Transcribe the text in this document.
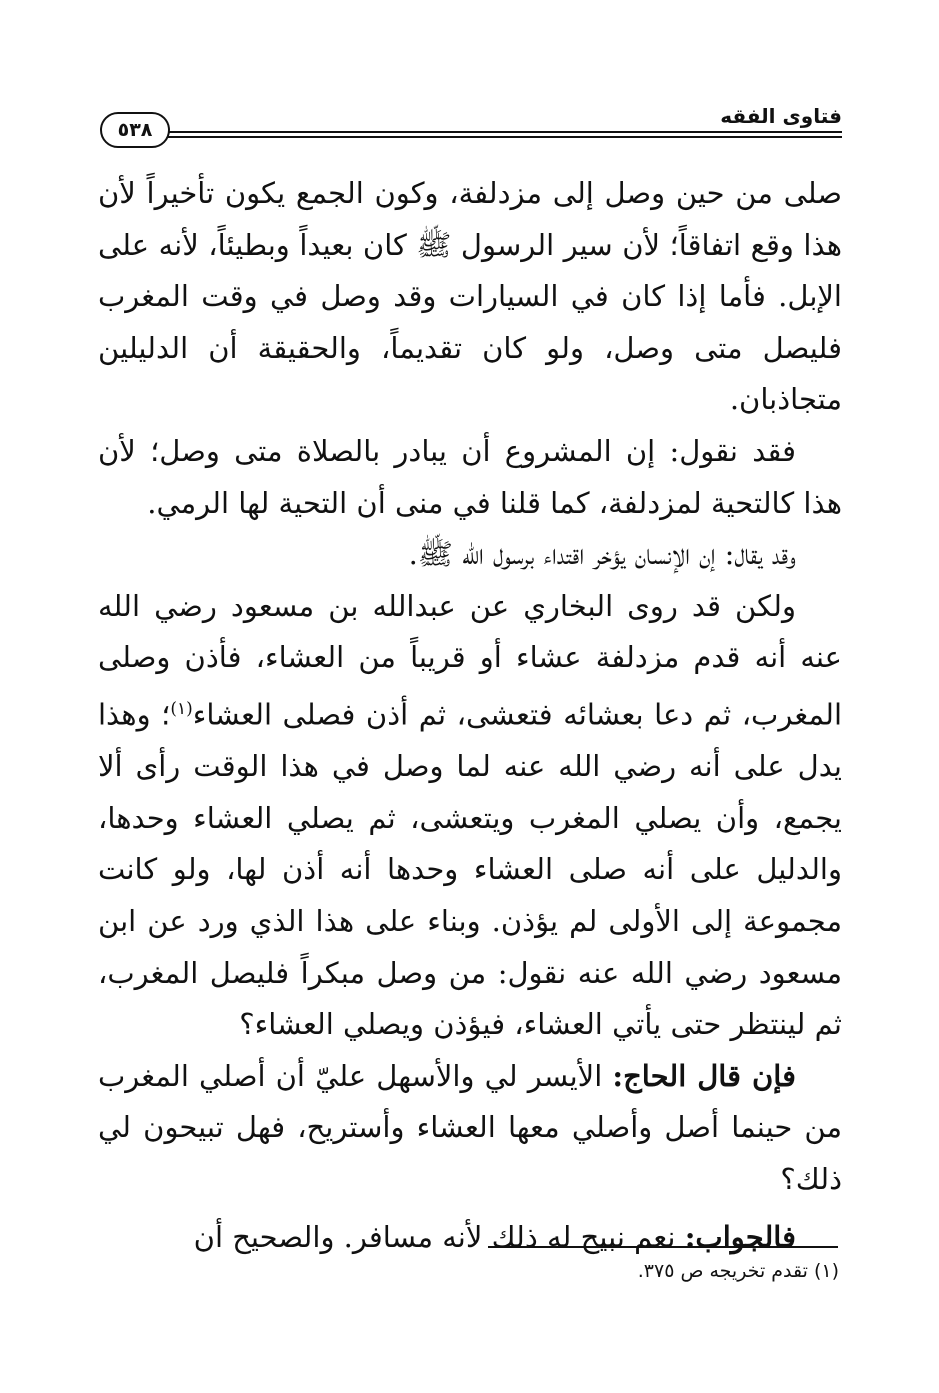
فتاوى الفقه
٥٣٨

صلى من حين وصل إلى مزدلفة، وكون الجمع يكون تأخيراً لأن هذا وقع اتفاقاً؛ لأن سير الرسول ﷺ كان بعيداً وبطيئاً، لأنه على الإبل. فأما إذا كان في السيارات وقد وصل في وقت المغرب فليصل متى وصل، ولو كان تقديماً، والحقيقة أن الدليلين متجاذبان.

فقد نقول: إن المشروع أن يبادر بالصلاة متى وصل؛ لأن هذا كالتحية لمزدلفة، كما قلنا في منى أن التحية لها الرمي.

وقد يقال: إن الإنسان يؤخر اقتداء برسول الله ﷺ.

ولكن قد روى البخاري عن عبدالله بن مسعود رضي الله عنه أنه قدم مزدلفة عشاء أو قريباً من العشاء، فأذن وصلى المغرب، ثم دعا بعشائه فتعشى، ثم أذن فصلى العشاء$^{(١)}$؛ وهذا يدل على أنه رضي الله عنه لما وصل في هذا الوقت رأى ألا يجمع، وأن يصلي المغرب ويتعشى، ثم يصلي العشاء وحدها، والدليل على أنه صلى العشاء وحدها أنه أذن لها، ولو كانت مجموعة إلى الأولى لم يؤذن. وبناء على هذا الذي ورد عن ابن مسعود رضي الله عنه نقول: من وصل مبكراً فليصل المغرب، ثم لينتظر حتى يأتي العشاء، فيؤذن ويصلي العشاء؟

فإن قال الحاج: الأيسر لي والأسهل عليّ أن أصلي المغرب من حينما أصل وأصلي معها العشاء وأستريح، فهل تبيحون لي ذلك؟

فالجواب: نعم نبيح له ذلك لأنه مسافر. والصحيح أن

(١) تقدم تخريجه ص ٣٧٥.
